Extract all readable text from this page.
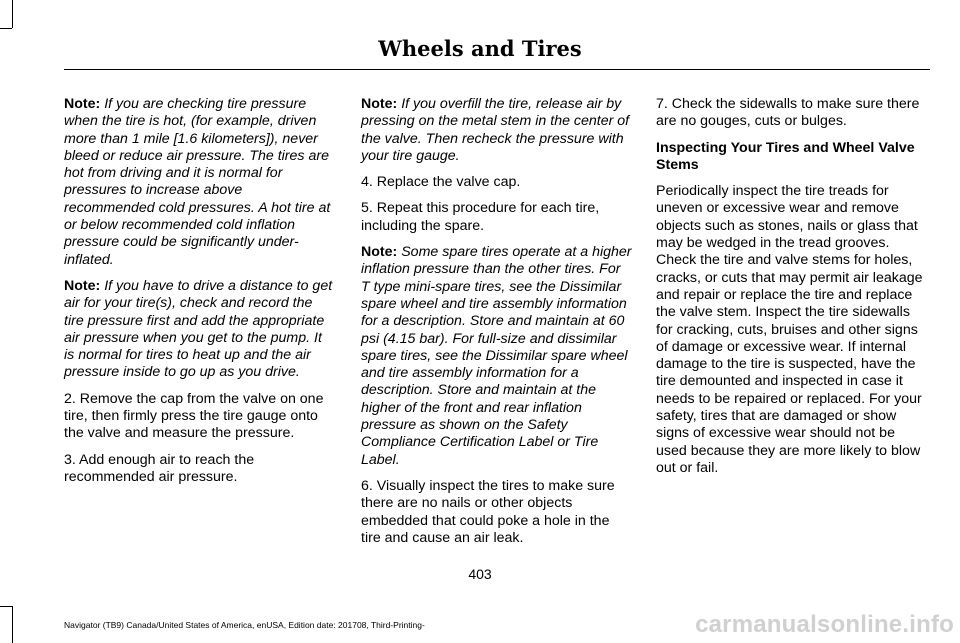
Wheels and Tires

Note: If you are checking tire pressure when the tire is hot, (for example, driven more than 1 mile [1.6 kilometers]), never bleed or reduce air pressure. The tires are hot from driving and it is normal for pressures to increase above recommended cold pressures. A hot tire at or below recommended cold inflation pressure could be significantly under-inflated.

Note: If you have to drive a distance to get air for your tire(s), check and record the tire pressure first and add the appropriate air pressure when you get to the pump. It is normal for tires to heat up and the air pressure inside to go up as you drive.

2. Remove the cap from the valve on one tire, then firmly press the tire gauge onto the valve and measure the pressure.

3. Add enough air to reach the recommended air pressure.

Note: If you overfill the tire, release air by pressing on the metal stem in the center of the valve. Then recheck the pressure with your tire gauge.

4. Replace the valve cap.

5. Repeat this procedure for each tire, including the spare.

Note: Some spare tires operate at a higher inflation pressure than the other tires. For T type mini-spare tires, see the Dissimilar spare wheel and tire assembly information for a description. Store and maintain at 60 psi (4.15 bar). For full-size and dissimilar spare tires, see the Dissimilar spare wheel and tire assembly information for a description. Store and maintain at the higher of the front and rear inflation pressure as shown on the Safety Compliance Certification Label or Tire Label.

6. Visually inspect the tires to make sure there are no nails or other objects embedded that could poke a hole in the tire and cause an air leak.

7. Check the sidewalls to make sure there are no gouges, cuts or bulges.

Inspecting Your Tires and Wheel Valve Stems

Periodically inspect the tire treads for uneven or excessive wear and remove objects such as stones, nails or glass that may be wedged in the tread grooves. Check the tire and valve stems for holes, cracks, or cuts that may permit air leakage and repair or replace the tire and replace the valve stem. Inspect the tire sidewalls for cracking, cuts, bruises and other signs of damage or excessive wear. If internal damage to the tire is suspected, have the tire demounted and inspected in case it needs to be repaired or replaced. For your safety, tires that are damaged or show signs of excessive wear should not be used because they are more likely to blow out or fail.

403
Navigator (TB9) Canada/United States of America, enUSA, Edition date: 201708, Third-Printing-	carmanualsonline.info
